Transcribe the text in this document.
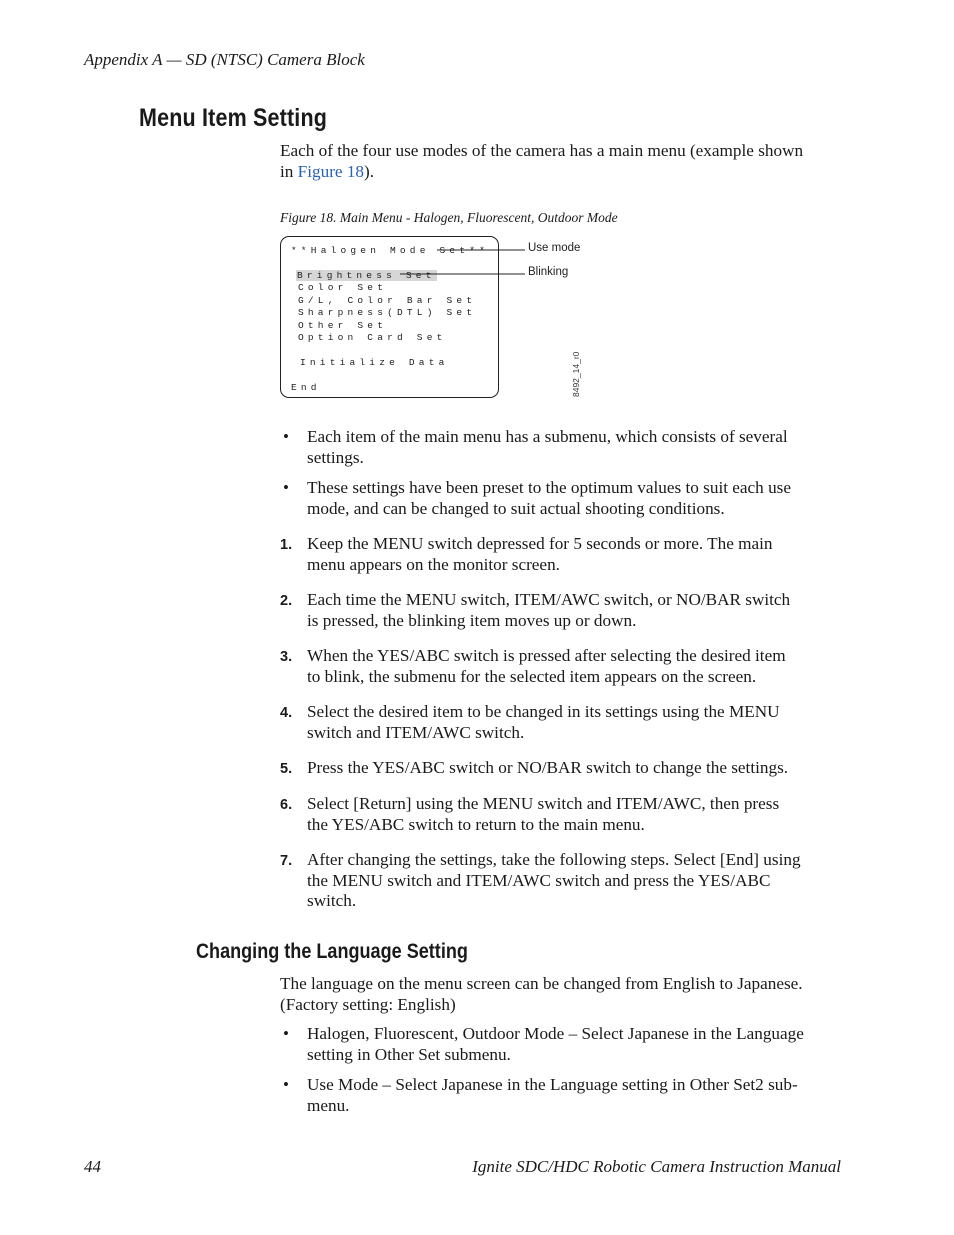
Appendix A — SD (NTSC) Camera Block
Menu Item Setting
Each of the four use modes of the camera has a main menu (example shown
in Figure 18).
Figure 18. Main Menu - Halogen, Fluorescent, Outdoor Mode
**Halogen Mode Set**
Brightness Set
Color Set
G/L, Color Bar Set
Sharpness(DTL) Set
Other Set
Option Card Set
Initialize Data
End
Use mode
Blinking
8492_14_r0
• Each item of the main menu has a submenu, which consists of several
settings.
• These settings have been preset to the optimum values to suit each use
mode, and can be changed to suit actual shooting conditions.
1. Keep the MENU switch depressed for 5 seconds or more. The main
menu appears on the monitor screen.
2. Each time the MENU switch, ITEM/AWC switch, or NO/BAR switch
is pressed, the blinking item moves up or down.
3. When the YES/ABC switch is pressed after selecting the desired item
to blink, the submenu for the selected item appears on the screen.
4. Select the desired item to be changed in its settings using the MENU
switch and ITEM/AWC switch.
5. Press the YES/ABC switch or NO/BAR switch to change the settings.
6. Select [Return] using the MENU switch and ITEM/AWC, then press
the YES/ABC switch to return to the main menu.
7. After changing the settings, take the following steps. Select [End] using
the MENU switch and ITEM/AWC switch and press the YES/ABC
switch.
Changing the Language Setting
The language on the menu screen can be changed from English to Japanese.
(Factory setting: English)
• Halogen, Fluorescent, Outdoor Mode – Select Japanese in the Language
setting in Other Set submenu.
• Use Mode – Select Japanese in the Language setting in Other Set2 sub-
menu.
44	Ignite SDC/HDC Robotic Camera Instruction Manual
